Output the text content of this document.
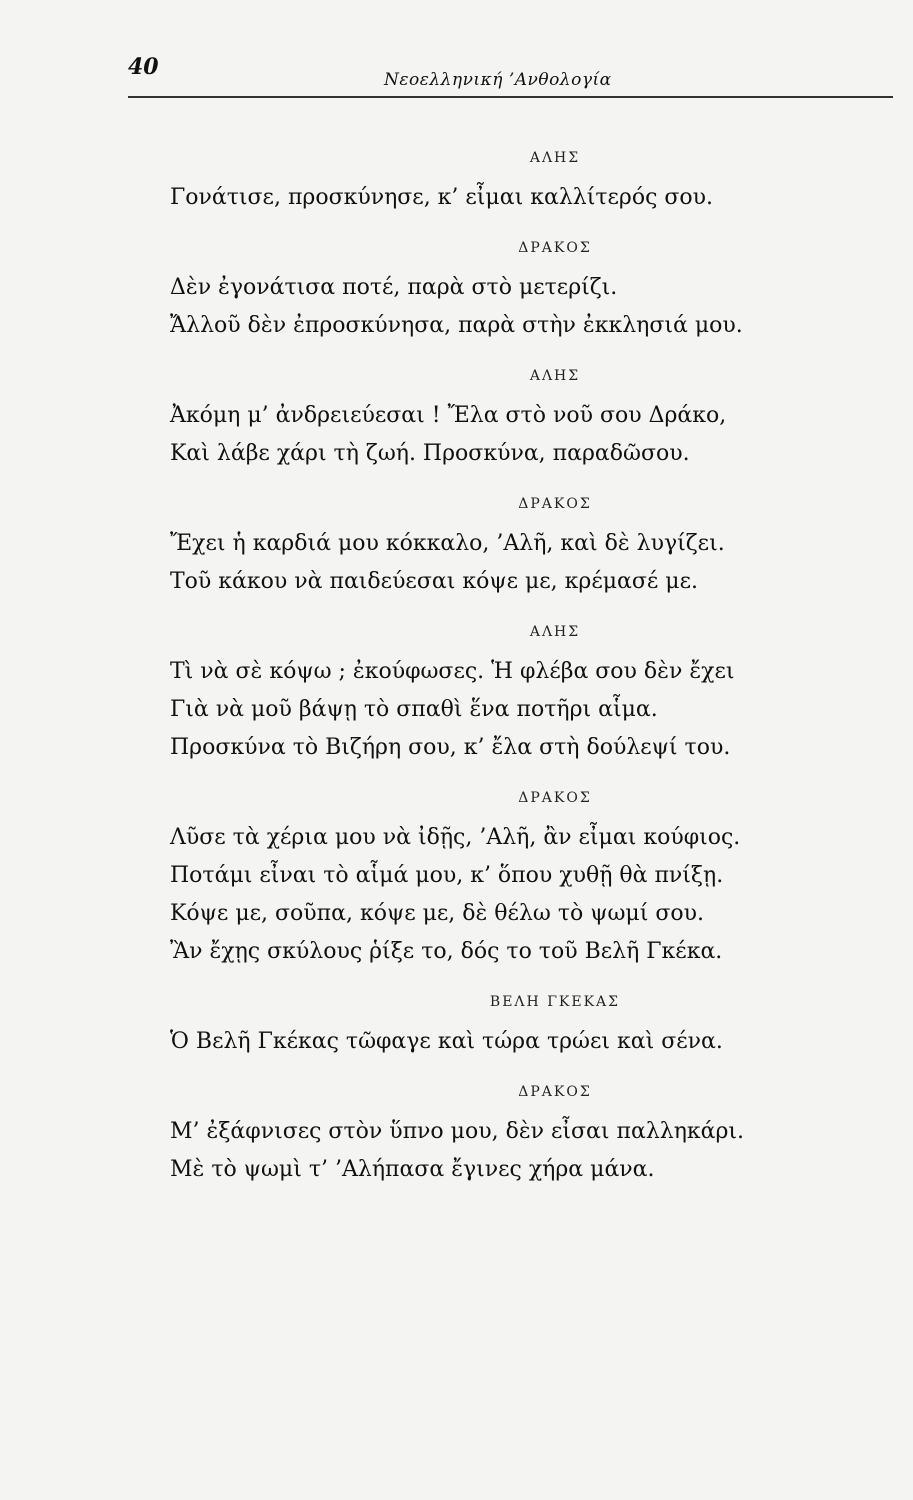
40	Νεοελληνική ’Ανθολογία
ΑΛΗΣ

Γονάτισε, προσκύνησε, κ’ εἶμαι καλλίτερός σου.

ΔΡΑΚΟΣ

Δὲν ἐγονάτισα ποτέ, παρὰ στὸ μετερίζι.

Ἄλλοῦ δὲν ἐπροσκύνησα, παρὰ στὴν ἐκκλησιά μου.

ΑΛΗΣ

Ἀκόμη μ’ ἀνδρειεύεσαι ! Ἔλα στὸ νοῦ σου Δράκο,

Καὶ λάβε χάρι τὴ ζωή. Προσκύνα, παραδῶσου.

ΔΡΑΚΟΣ

Ἔχει ἡ καρδιά μου κόκκαλο, ’Αλῆ, καὶ δὲ λυγίζει.

Τοῦ κάκου νὰ παιδεύεσαι κόψε με, κρέμασέ με.

ΑΛΗΣ

Τὶ νὰ σὲ κόψω ; ἐκούφωσες. Ἡ φλέβα σου δὲν ἔχει

Γιὰ νὰ μοῦ βάψῃ τὸ σπαθὶ ἕνα ποτῆρι αἷμα.

Προσκύνα τὸ Βιζήρη σου, κ’ ἔλα στὴ δούλεψί του.

ΔΡΑΚΟΣ

Λῦσε τὰ χέρια μου νὰ ἰδῇς, ’Αλῆ, ἂν εἶμαι κούφιος.

Ποτάμι εἶναι τὸ αἷμά μου, κ’ ὅπου χυθῇ θὰ πνίξῃ.

Κόψε με, σοῦπα, κόψε με, δὲ θέλω τὸ ψωμί σου.

Ἂν ἔχῃς σκύλους ῥίξε το, δός το τοῦ Βελῆ Γκέκα.

ΒΕΛΗ ΓΚΕΚΑΣ

Ὁ Βελῆ Γκέκας τῶφαγε καὶ τώρα τρώει καὶ σένα.

ΔΡΑΚΟΣ

Μ’ ἐξάφνισες στὸν ὕπνο μου, δὲν εἶσαι παλληκάρι.

Μὲ τὸ ψωμὶ τ’ ’Αλήπασα ἔγινες χήρα μάνα.
